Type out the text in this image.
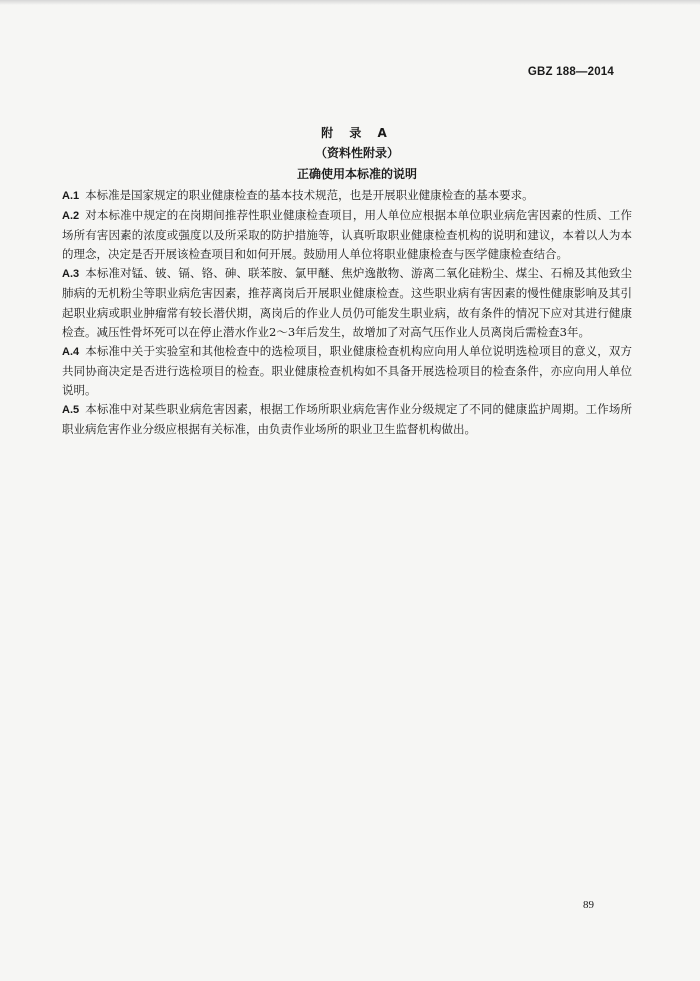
GBZ 188—2014
附 录 A
（资料性附录）
正确使用本标准的说明

A.1 本标准是国家规定的职业健康检查的基本技术规范，也是开展职业健康检查的基本要求。

A.2 对本标准中规定的在岗期间推荐性职业健康检查项目，用人单位应根据本单位职业病危害因素的性质、工作场所有害因素的浓度或强度以及所采取的防护措施等，认真听取职业健康检查机构的说明和建议，本着以人为本的理念，决定是否开展该检查项目和如何开展。鼓励用人单位将职业健康检查与医学健康检查结合。

A.3 本标准对锰、铍、镉、铬、砷、联苯胺、氯甲醚、焦炉逸散物、游离二氧化硅粉尘、煤尘、石棉及其他致尘肺病的无机粉尘等职业病危害因素，推荐离岗后开展职业健康检查。这些职业病有害因素的慢性健康影响及其引起职业病或职业肿瘤常有较长潜伏期，离岗后的作业人员仍可能发生职业病，故有条件的情况下应对其进行健康检查。减压性骨坏死可以在停止潜水作业2～3年后发生，故增加了对高气压作业人员离岗后需检查3年。

A.4 本标准中关于实验室和其他检查中的选检项目，职业健康检查机构应向用人单位说明选检项目的意义，双方共同协商决定是否进行选检项目的检查。职业健康检查机构如不具备开展选检项目的检查条件，亦应向用人单位说明。

A.5 本标准中对某些职业病危害因素，根据工作场所职业病危害作业分级规定了不同的健康监护周期。工作场所职业病危害作业分级应根据有关标准，由负责作业场所的职业卫生监督机构做出。

89
